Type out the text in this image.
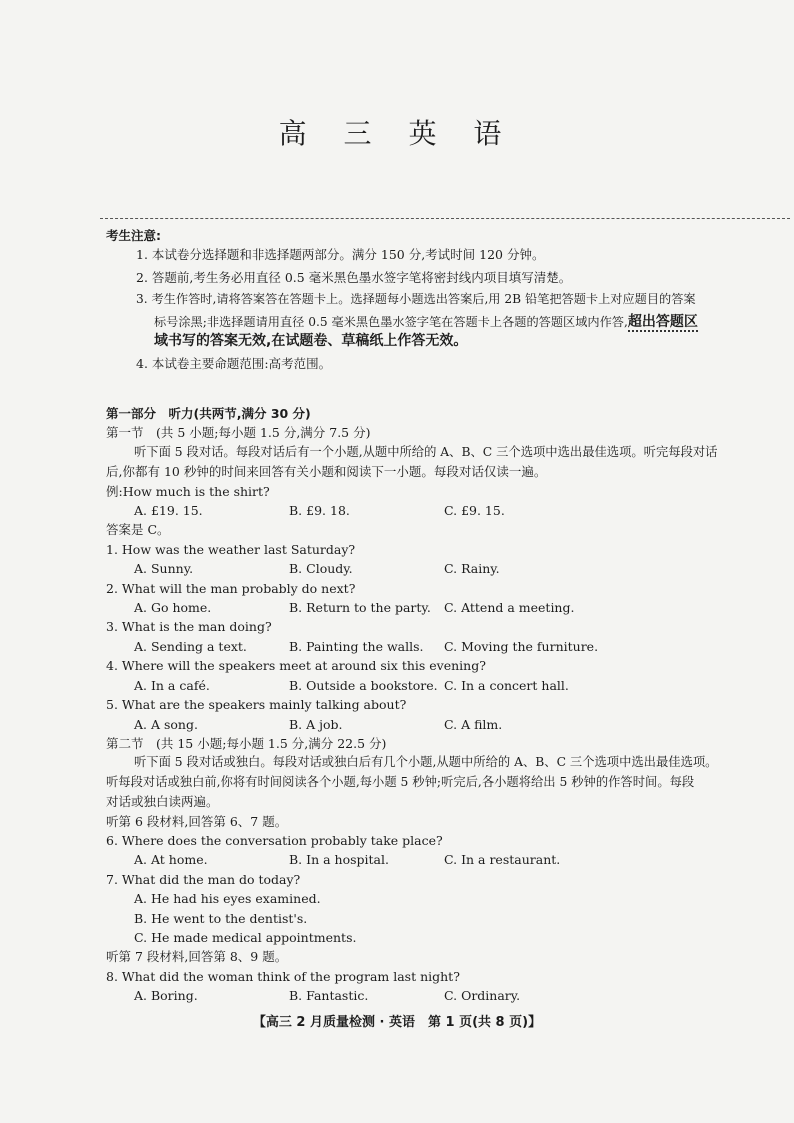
高 三 英 语
考生注意:
1. 本试卷分选择题和非选择题两部分。满分 150 分,考试时间 120 分钟。
2. 答题前,考生务必用直径 0.5 毫米黑色墨水签字笔将密封线内项目填写清楚。
3. 考生作答时,请将答案答在答题卡上。选择题每小题选出答案后,用 2B 铅笔把答题卡上对应题目的答案
标号涂黑;非选择题请用直径 0.5 毫米黑色墨水签字笔在答题卡上各题的答题区域内作答,超出答题区
域书写的答案无效,在试题卷、草稿纸上作答无效。
4. 本试卷主要命题范围:高考范围。
第一部分　听力(共两节,满分 30 分)
第一节　(共 5 小题;每小题 1.5 分,满分 7.5 分)
听下面 5 段对话。每段对话后有一个小题,从题中所给的 A、B、C 三个选项中选出最佳选项。听完每段对话
后,你都有 10 秒钟的时间来回答有关小题和阅读下一小题。每段对话仅读一遍。
例:How much is the shirt?
A. £19. 15.	B. £9. 18.	C. £9. 15.
答案是 C。
1. How was the weather last Saturday?
A. Sunny.	B. Cloudy.	C. Rainy.
2. What will the man probably do next?
A. Go home.	B. Return to the party.	C. Attend a meeting.
3. What is the man doing?
A. Sending a text.	B. Painting the walls.	C. Moving the furniture.
4. Where will the speakers meet at around six this evening?
A. In a café.	B. Outside a bookstore. C. In a concert hall.
5. What are the speakers mainly talking about?
A. A song.	B. A job.	C. A film.
第二节　(共 15 小题;每小题 1.5 分,满分 22.5 分)
听下面 5 段对话或独白。每段对话或独白后有几个小题,从题中所给的 A、B、C 三个选项中选出最佳选项。
听每段对话或独白前,你将有时间阅读各个小题,每小题 5 秒钟;听完后,各小题将给出 5 秒钟的作答时间。每段
对话或独白读两遍。
听第 6 段材料,回答第 6、7 题。
6. Where does the conversation probably take place?
A. At home.	B. In a hospital.	C. In a restaurant.
7. What did the man do today?
A. He had his eyes examined.
B. He went to the dentist's.
C. He made medical appointments.
听第 7 段材料,回答第 8、9 题。
8. What did the woman think of the program last night?
A. Boring.	B. Fantastic.	C. Ordinary.
【高三 2 月质量检测 · 英语　第 1 页(共 8 页)】
